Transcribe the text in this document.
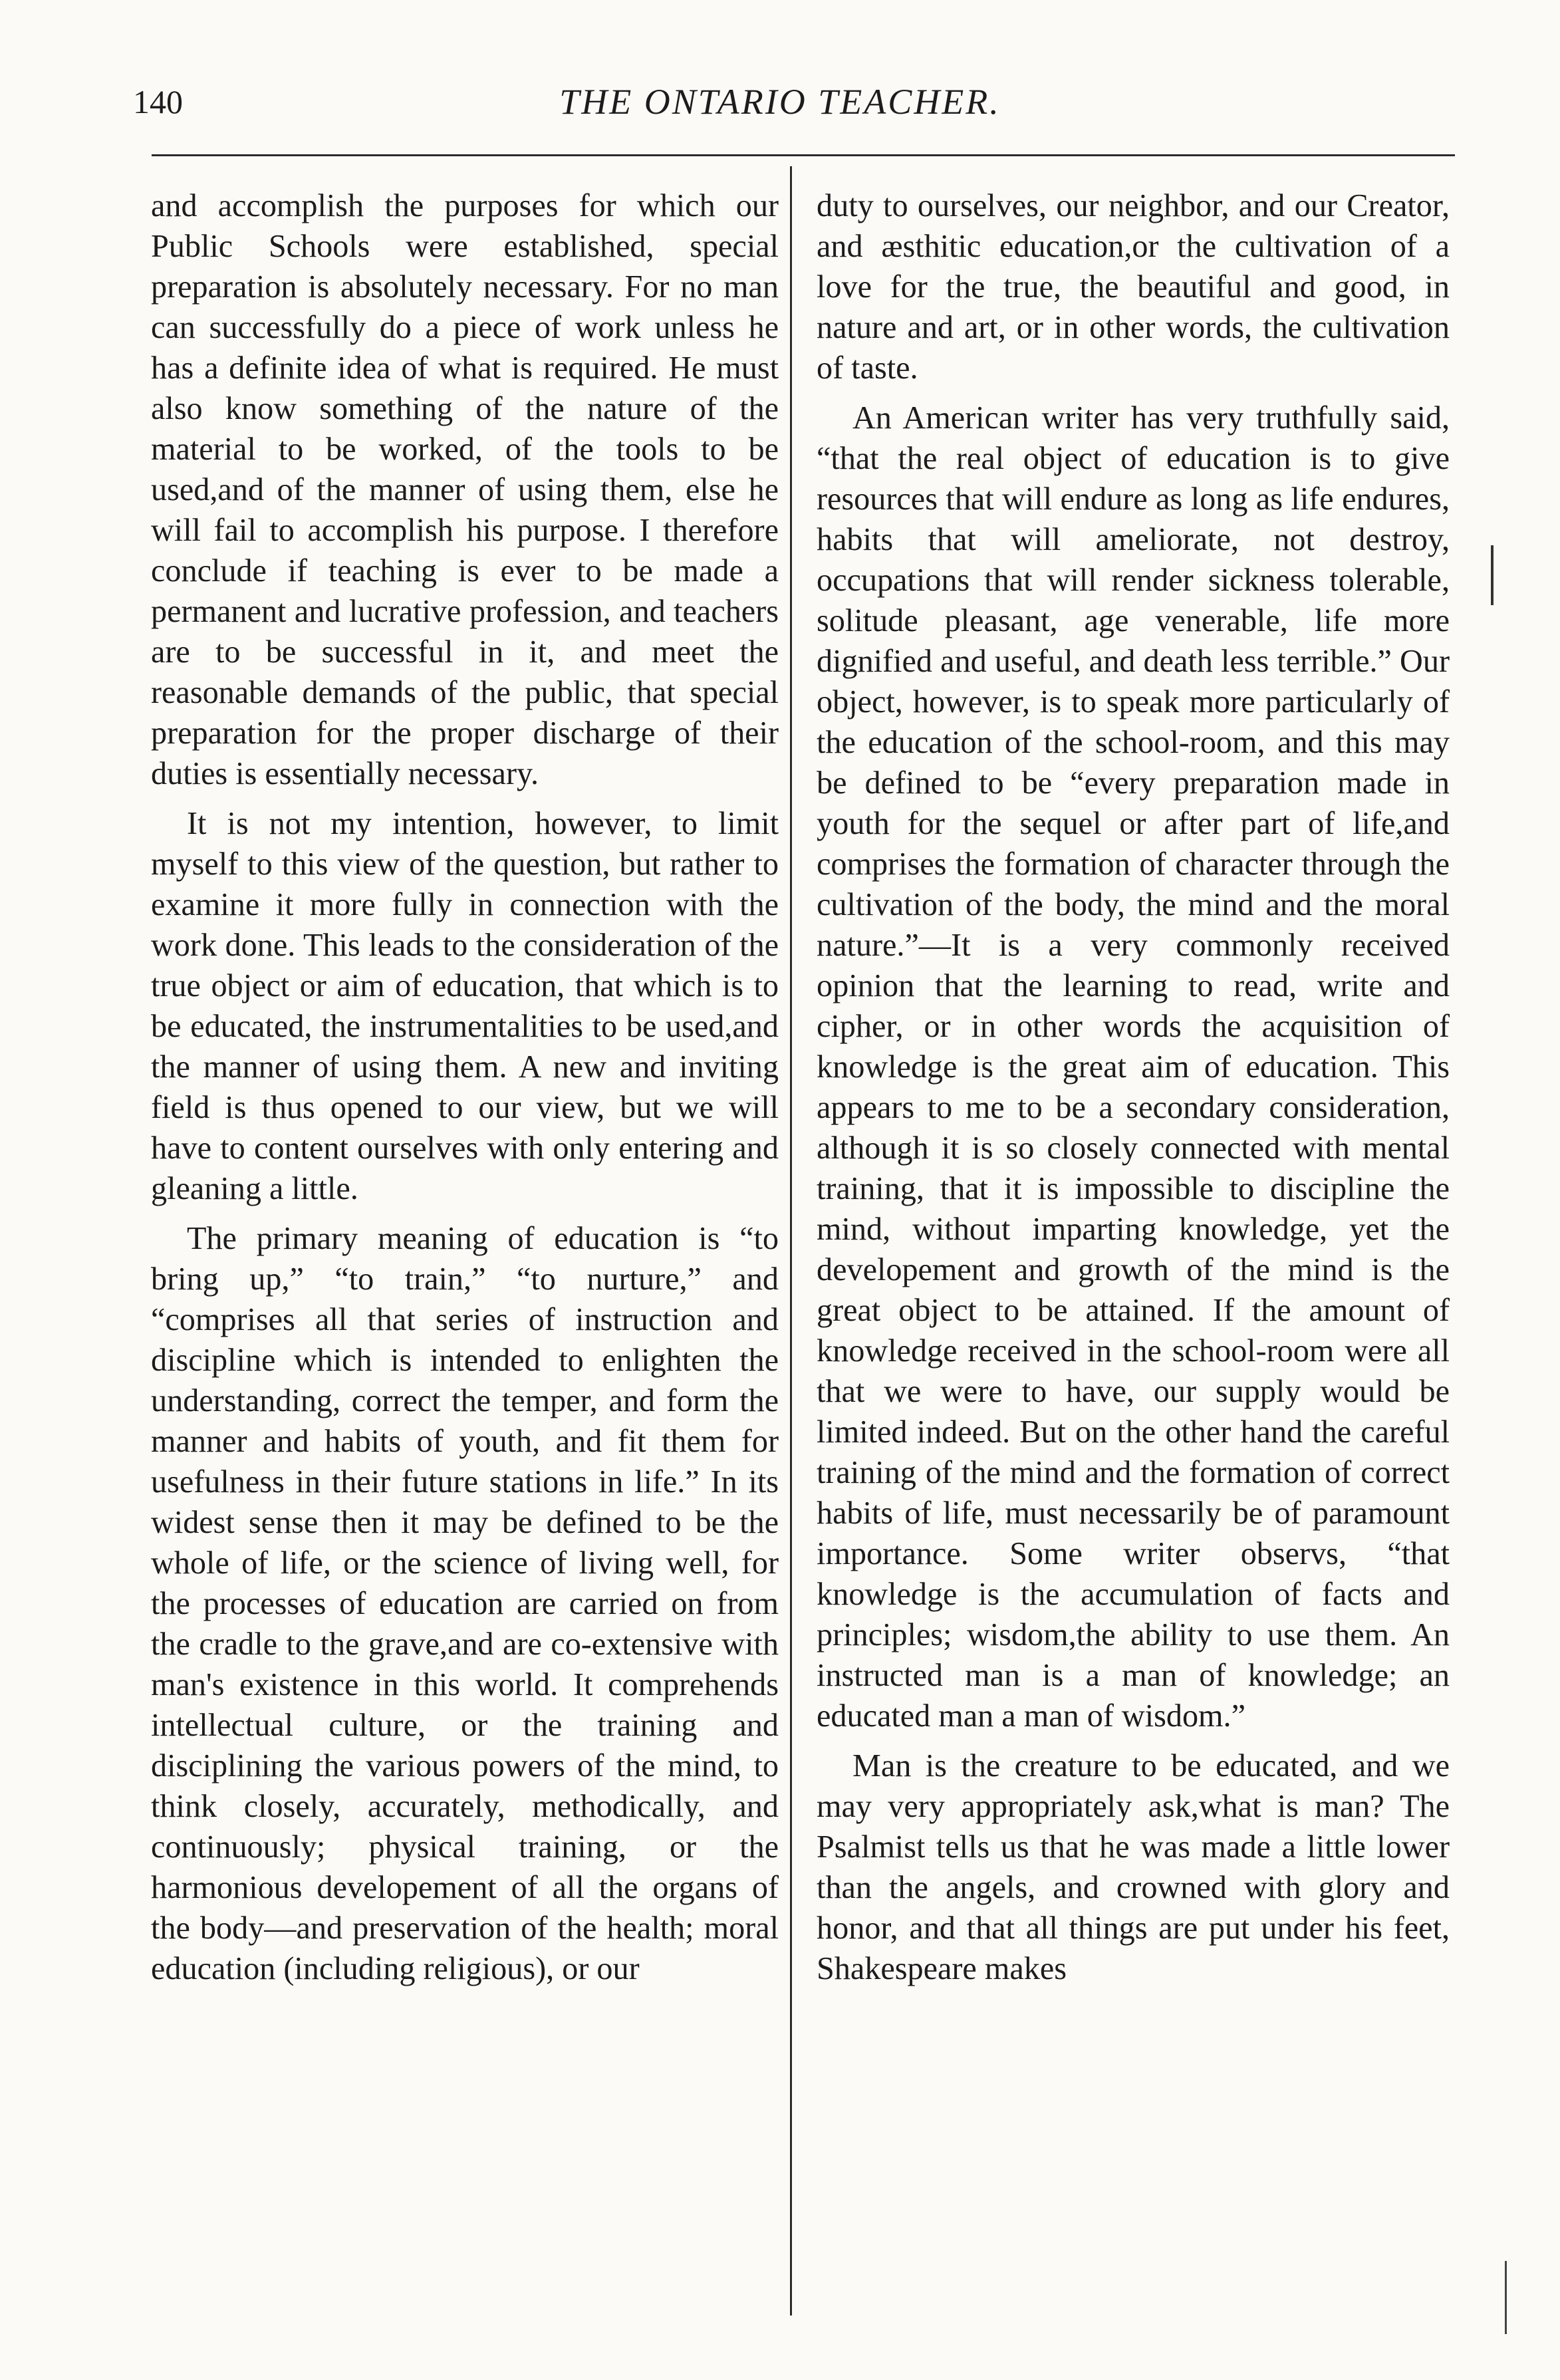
140	THE ONTARIO TEACHER.

and accomplish the purposes for which our Public Schools were established, special preparation is absolutely necessary. For no man can successfully do a piece of work unless he has a definite idea of what is required. He must also know something of the nature of the material to be worked, of the tools to be used,and of the manner of using them, else he will fail to accomplish his purpose. I therefore conclude if teaching is ever to be made a permanent and lucrative profession, and teachers are to be successful in it, and meet the reasonable demands of the public, that special preparation for the proper discharge of their duties is essentially necessary.

It is not my intention, however, to limit myself to this view of the question, but rather to examine it more fully in connection with the work done. This leads to the consideration of the true object or aim of education, that which is to be educated, the instrumentalities to be used,and the manner of using them. A new and inviting field is thus opened to our view, but we will have to content ourselves with only entering and gleaning a little.

The primary meaning of education is “to bring up,” “to train,” “to nurture,” and “comprises all that series of instruction and discipline which is intended to enlighten the understanding, correct the temper, and form the manner and habits of youth, and fit them for usefulness in their future stations in life.” In its widest sense then it may be defined to be the whole of life, or the science of living well, for the processes of education are carried on from the cradle to the grave,and are co-extensive with man's existence in this world. It comprehends intellectual culture, or the training and disciplining the various powers of the mind, to think closely, accurately, methodically, and continuously; physical training, or the harmonious developement of all the organs of the body—and preservation of the health; moral education (including religious), or our

duty to ourselves, our neighbor, and our Creator, and æsthitic education,or the cultivation of a love for the true, the beautiful and good, in nature and art, or in other words, the cultivation of taste.

An American writer has very truthfully said, “that the real object of education is to give resources that will endure as long as life endures, habits that will ameliorate, not destroy, occupations that will render sickness tolerable, solitude pleasant, age venerable, life more dignified and useful, and death less terrible.” Our object, however, is to speak more particularly of the education of the school-room, and this may be defined to be “every preparation made in youth for the sequel or after part of life,and comprises the formation of character through the cultivation of the body, the mind and the moral nature.”—It is a very commonly received opinion that the learning to read, write and cipher, or in other words the acquisition of knowledge is the great aim of education. This appears to me to be a secondary consideration, although it is so closely connected with mental training, that it is impossible to discipline the mind, without imparting knowledge, yet the developement and growth of the mind is the great object to be attained. If the amount of knowledge received in the school-room were all that we were to have, our supply would be limited indeed. But on the other hand the careful training of the mind and the formation of correct habits of life, must necessarily be of paramount importance. Some writer observs, “that knowledge is the accumulation of facts and principles; wisdom,the ability to use them. An instructed man is a man of knowledge; an educated man a man of wisdom.”

Man is the creature to be educated, and we may very appropriately ask,what is man? The Psalmist tells us that he was made a little lower than the angels, and crowned with glory and honor, and that all things are put under his feet, Shakespeare makes
